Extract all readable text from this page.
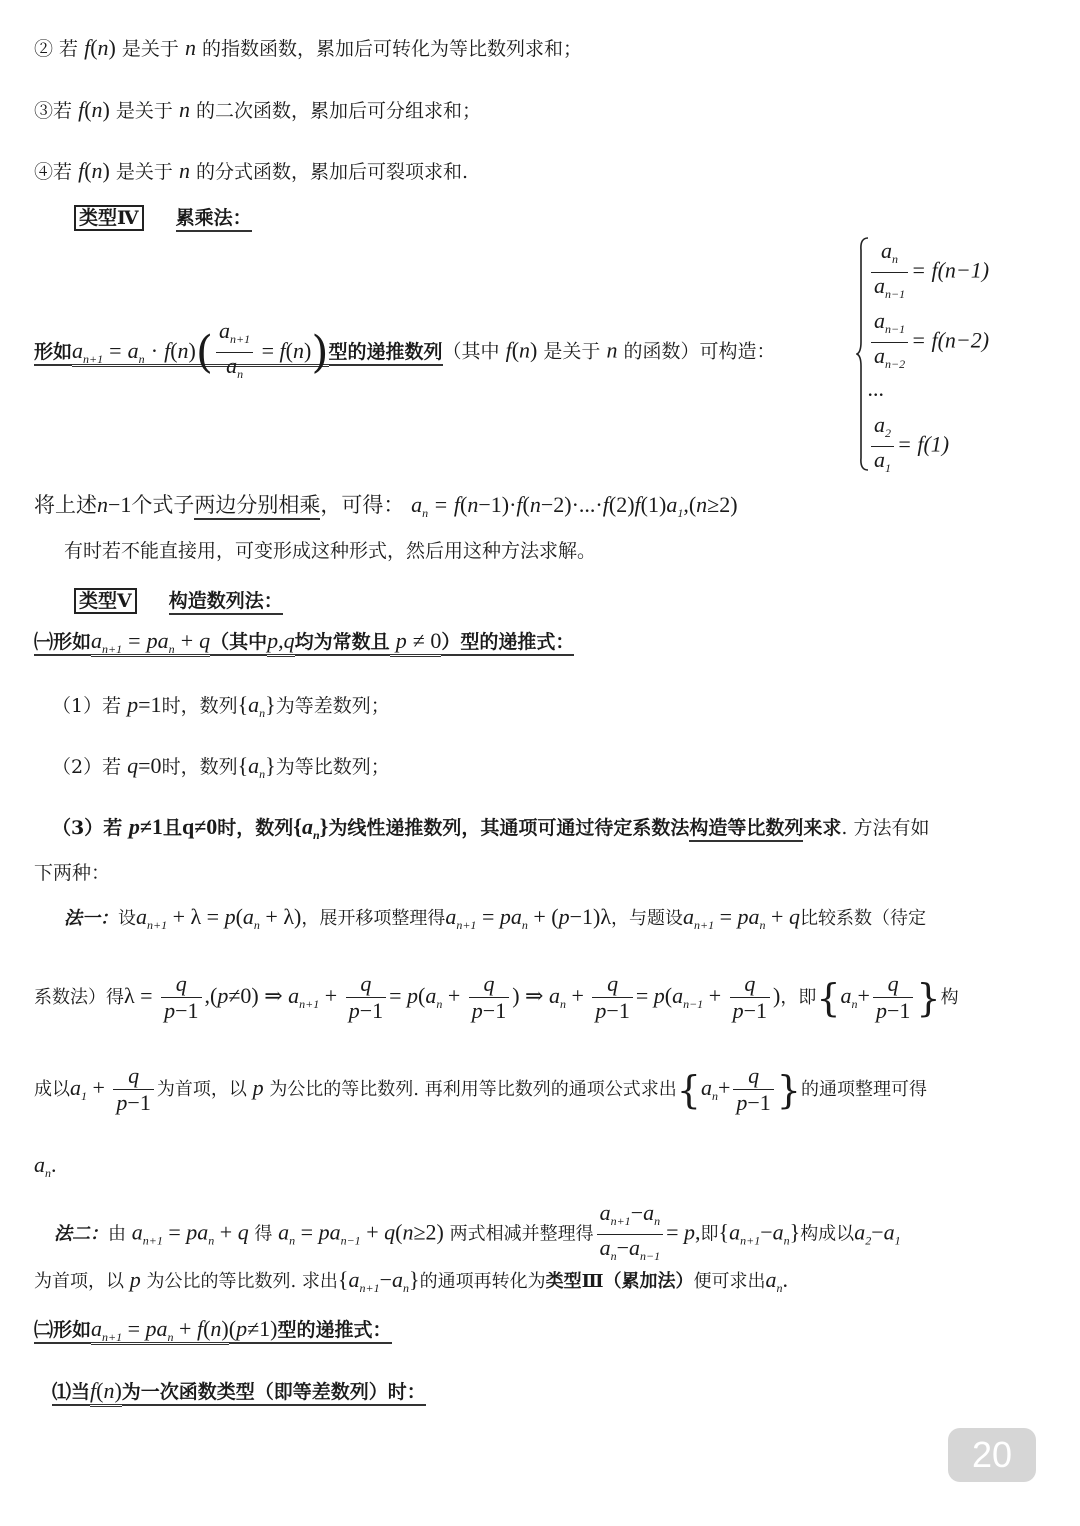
② 若 f(n) 是关于 n 的指数函数，累加后可转化为等比数列求和；
③若 f(n) 是关于 n 的二次函数，累加后可分组求和；
④若 f(n) 是关于 n 的分式函数，累加后可裂项求和.
类型Ⅳ 累乘法：
形如$a_{n+1} = a_n \cdot f(n)( \frac{a_{n+1}}{a_n} = f(n))$型的递推数列（其中 f(n) 是关于 n 的函数）可构造：
$\frac{a_n}{a_{n-1}} = f(n-1)$
$\frac{a_{n-1}}{a_{n-2}} = f(n-2)$
...
$\frac{a_2}{a_1} = f(1)$
将上述n−1个式子两边分别相乘，可得： $a_n = f(n-1)\cdot f(n-2)\cdot...\cdot f(2)f(1)a_1,(n\ge 2)$
有时若不能直接用，可变形成这种形式，然后用这种方法求解。
类型Ⅴ 构造数列法：
㈠形如$a_{n+1} = pa_n + q$（其中p,q均为常数且 p ≠ 0）型的递推式：
（1）若 p=1时，数列$\{a_n\}$为等差数列；
（2）若 q=0时，数列$\{a_n\}$为等比数列；
（3）若 p≠1且q≠0时，数列$\{a_n\}$为线性递推数列，其通项可通过待定系数法构造等比数列来求. 方法有如
下两种：
法一：设$a_{n+1} + \lambda = p(a_n + \lambda)$，展开移项整理得$a_{n+1} = pa_n + (p-1)\lambda$，与题设$a_{n+1} = pa_n + q$比较系数（待定
系数法）得$\lambda = \frac{q}{p-1} ,(p\ne 0)$ ⇒ $a_{n+1} + \frac{q}{p-1} = p(a_n + \frac{q}{p-1}$ ) ⇒ $a_n + \frac{q}{p-1} = p(a_{n-1} + \frac{q}{p-1}$ )，即{$a_n+ \frac{q}{p-1}$ }构
成以$a_1 + \frac{q}{p-1}$ 为首项，以 p 为公比的等比数列. 再利用等比数列的通项公式求出{$a_n+ \frac{q}{p-1}$ }的通项整理可得
$a_n$.
法二：由 $a_{n+1} = pa_n + q$ 得 $a_n = pa_{n-1} + q(n\ge 2)$ 两式相减并整理得 $\frac{a_{n+1}-a_n}{a_n-a_{n-1}} = p$,即$\{a_{n+1}-a_n\}$构成以$a_2-a_1$
为首项，以 p 为公比的等比数列. 求出$\{a_{n+1}-a_n\}$的通项再转化为类型Ⅲ（累加法）便可求出$a_n$.
㈡形如$a_{n+1} = pa_n + f(n)(p\ne 1)$型的递推式：
⑴当f(n)为一次函数类型（即等差数列）时：
20
